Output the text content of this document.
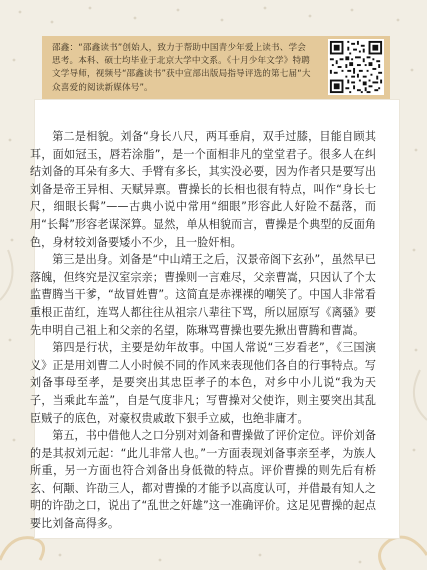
邵鑫：“邵鑫读书”创始人，致力于帮助中国青少年爱上读书、学会思考。本科、硕士均毕业于北京大学中文系。《十月少年文学》特聘文学导师，视频号“邵鑫读书”获中宣部出版局指导评选的第七届“大众喜爱的阅读新媒体号”。

第二是相貌。刘备“身长八尺，两耳垂肩，双手过膝，目能自顾其耳，面如冠玉，唇若涂脂”，是一个面相非凡的堂堂君子。很多人在纠结刘备的耳朵有多大、手臂有多长，其实没必要，因为作者只是要写出刘备是帝王异相、天赋异禀。曹操长的长相也很有特点，叫作“身长七尺，细眼长髯”——古典小说中常用“细眼”形容此人好险不磊落，而用“长髯”形容老谋深算。显然，单从相貌而言，曹操是个典型的反面角色，身材较刘备要矮小不少，且一脸奸相。

第三是出身。刘备是“中山靖王之后，汉景帝阁下玄孙”，虽然早已落魄，但终究是汉室宗亲；曹操则一言难尽，父亲曹嵩，只因认了个太监曹腾当干爹，“故冒姓曹”。这简直是赤裸裸的嘲笑了。中国人非常看重根正苗红，连骂人都往往从祖宗八辈往下骂，所以屈原写《离骚》要先申明自己祖上和父亲的名望，陈琳骂曹操也要先揪出曹腾和曹嵩。

第四是行状，主要是幼年故事。中国人常说“三岁看老”，《三国演义》正是用刘曹二人小时候不同的作风来表现他们各自的行事特点。写刘备事母至孝，是要突出其忠臣孝子的本色，对乡中小儿说“我为天子，当乘此车盖”，自是气度非凡；写曹操对父使诈，则主要突出其乱臣贼子的底色，对豪权贵戚敢下狠手立威，也绝非庸才。

第五，书中借他人之口分别对刘备和曹操做了评价定位。评价刘备的是其叔刘元起：“此儿非常人也。”一方面表现刘备事亲至孝，为族人所重，另一方面也符合刘备出身低微的特点。评价曹操的则先后有桥玄、何颙、许劭三人，都对曹操的才能予以高度认可，并借最有知人之明的许劭之口，说出了“乱世之奸雄”这一准确评价。这足见曹操的起点要比刘备高得多。
